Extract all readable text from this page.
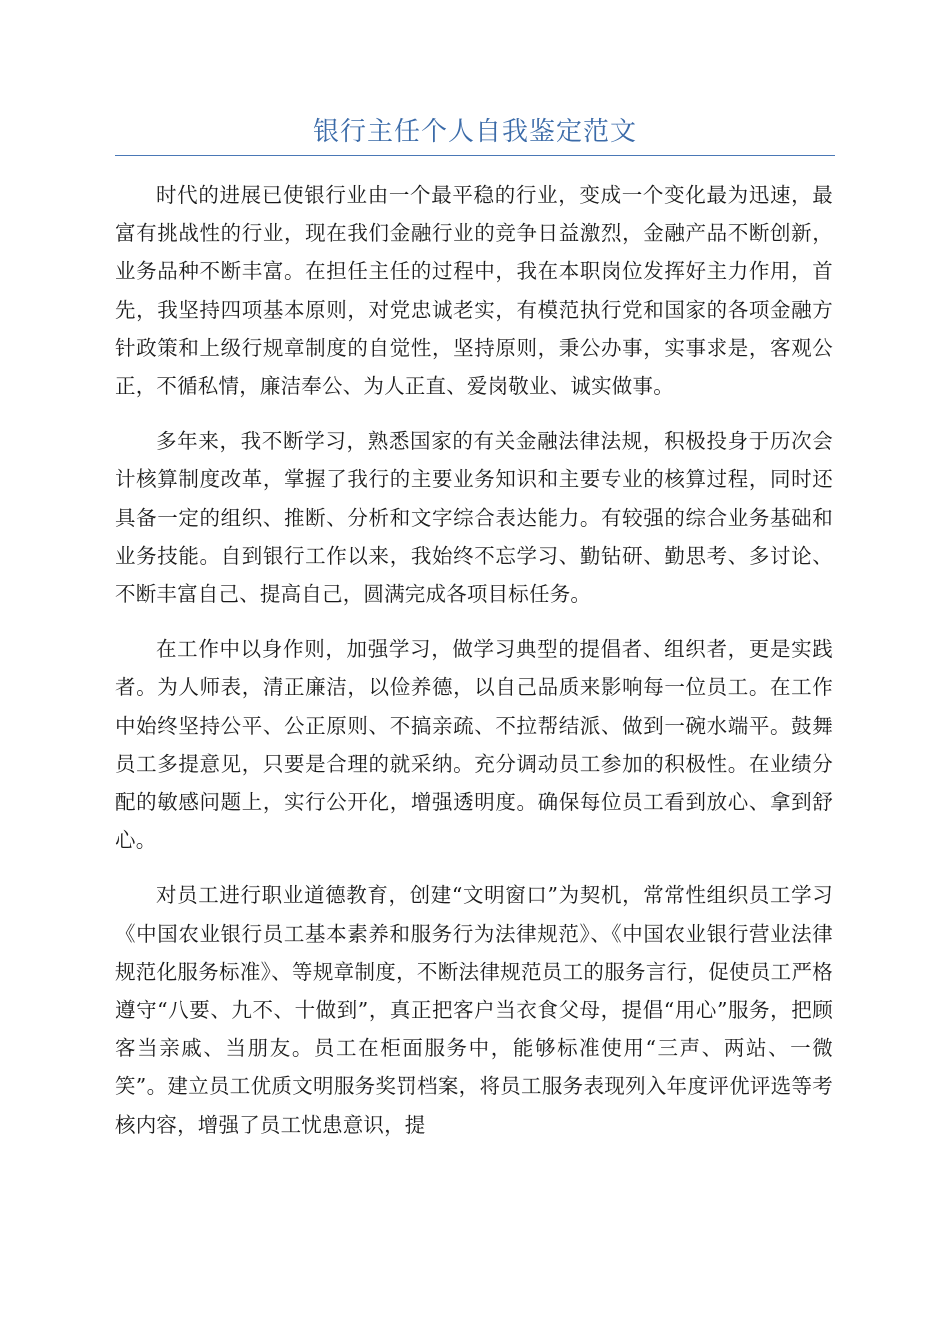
银行主任个人自我鉴定范文

时代的进展已使银行业由一个最平稳的行业，变成一个变化最为迅速，最富有挑战性的行业，现在我们金融行业的竞争日益激烈，金融产品不断创新，业务品种不断丰富。在担任主任的过程中，我在本职岗位发挥好主力作用，首先，我坚持四项基本原则，对党忠诚老实，有模范执行党和国家的各项金融方针政策和上级行规章制度的自觉性，坚持原则，秉公办事，实事求是，客观公正，不循私情，廉洁奉公、为人正直、爱岗敬业、诚实做事。

多年来，我不断学习，熟悉国家的有关金融法律法规，积极投身于历次会计核算制度改革，掌握了我行的主要业务知识和主要专业的核算过程，同时还具备一定的组织、推断、分析和文字综合表达能力。有较强的综合业务基础和业务技能。自到银行工作以来，我始终不忘学习、勤钻研、勤思考、多讨论、不断丰富自己、提高自己，圆满完成各项目标任务。

在工作中以身作则，加强学习，做学习典型的提倡者、组织者，更是实践者。为人师表，清正廉洁，以俭养德，以自己品质来影响每一位员工。在工作中始终坚持公平、公正原则、不搞亲疏、不拉帮结派、做到一碗水端平。鼓舞员工多提意见，只要是合理的就采纳。充分调动员工参加的积极性。在业绩分配的敏感问题上，实行公开化，增强透明度。确保每位员工看到放心、拿到舒心。

对员工进行职业道德教育，创建“文明窗口”为契机，常常性组织员工学习《中国农业银行员工基本素养和服务行为法律规范》、《中国农业银行营业法律规范化服务标准》、等规章制度，不断法律规范员工的服务言行，促使员工严格遵守“八要、九不、十做到”，真正把客户当衣食父母，提倡“用心”服务，把顾客当亲戚、当朋友。员工在柜面服务中，能够标准使用“三声、两站、一微笑”。建立员工优质文明服务奖罚档案，将员工服务表现列入年度评优评选等考核内容，增强了员工忧患意识，提
